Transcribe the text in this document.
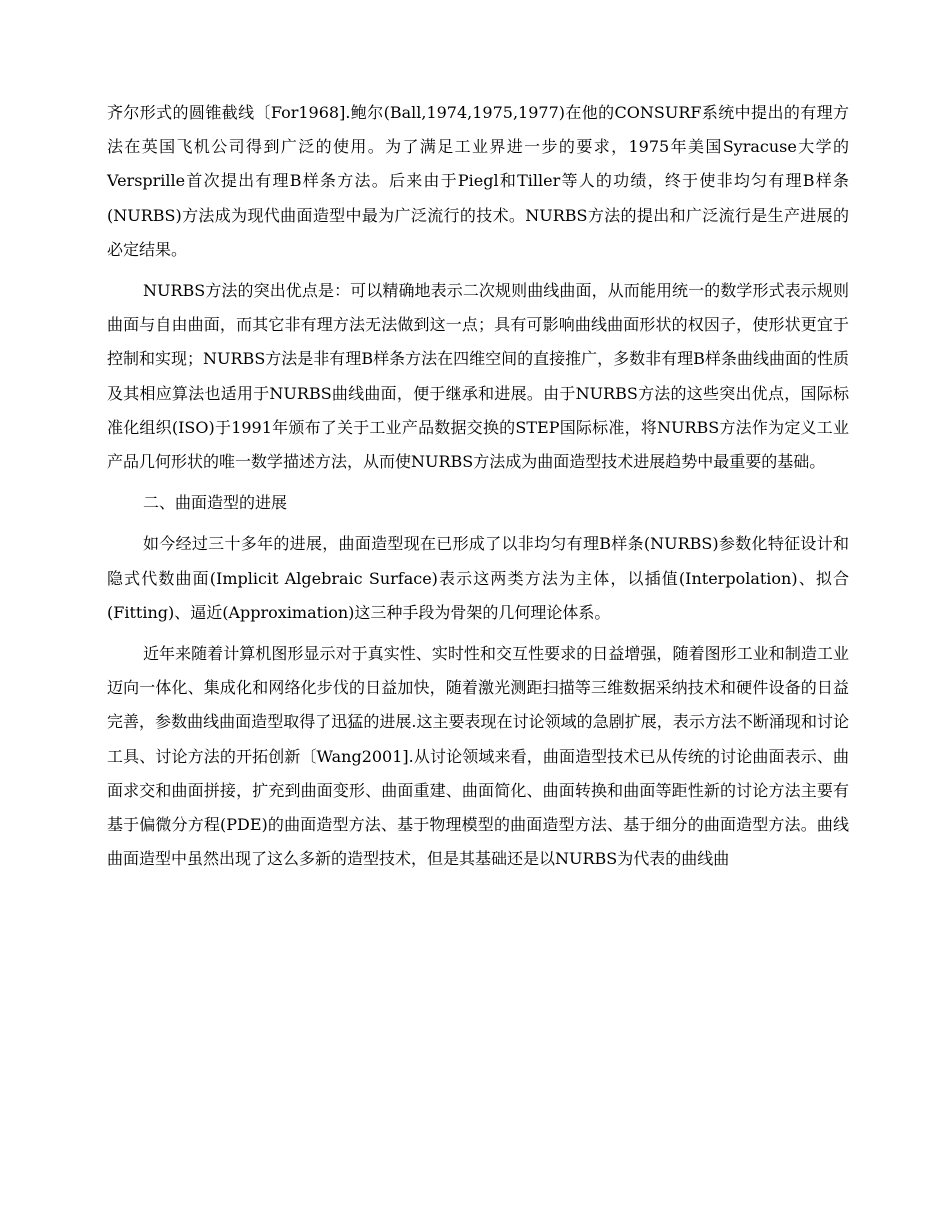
齐尔形式的圆锥截线〔For1968].鲍尔(Ball,1974,1975,1977)在他的CONSURF系统中提出的有理方法在英国飞机公司得到广泛的使用。为了满足工业界进一步的要求，1975年美国Syracuse大学的Versprille首次提出有理B样条方法。后来由于Piegl和Tiller等人的功绩，终于使非均匀有理B样条(NURBS)方法成为现代曲面造型中最为广泛流行的技术。NURBS方法的提出和广泛流行是生产进展的必定结果。

NURBS方法的突出优点是：可以精确地表示二次规则曲线曲面，从而能用统一的数学形式表示规则曲面与自由曲面，而其它非有理方法无法做到这一点；具有可影响曲线曲面形状的权因子，使形状更宜于控制和实现；NURBS方法是非有理B样条方法在四维空间的直接推广，多数非有理B样条曲线曲面的性质及其相应算法也适用于NURBS曲线曲面，便于继承和进展。由于NURBS方法的这些突出优点，国际标准化组织(ISO)于1991年颁布了关于工业产品数据交换的STEP国际标准，将NURBS方法作为定义工业产品几何形状的唯一数学描述方法，从而使NURBS方法成为曲面造型技术进展趋势中最重要的基础。

二、曲面造型的进展

如今经过三十多年的进展，曲面造型现在已形成了以非均匀有理B样条(NURBS)参数化特征设计和隐式代数曲面(Implicit Algebraic Surface)表示这两类方法为主体，以插值(Interpolation)、拟合(Fitting)、逼近(Approximation)这三种手段为骨架的几何理论体系。

近年来随着计算机图形显示对于真实性、实时性和交互性要求的日益增强，随着图形工业和制造工业迈向一体化、集成化和网络化步伐的日益加快，随着激光测距扫描等三维数据采纳技术和硬件设备的日益完善，参数曲线曲面造型取得了迅猛的进展.这主要表现在讨论领域的急剧扩展，表示方法不断涌现和讨论工具、讨论方法的开拓创新〔Wang2001].从讨论领域来看，曲面造型技术已从传统的讨论曲面表示、曲面求交和曲面拼接，扩充到曲面变形、曲面重建、曲面简化、曲面转换和曲面等距性新的讨论方法主要有基于偏微分方程(PDE)的曲面造型方法、基于物理模型的曲面造型方法、基于细分的曲面造型方法。曲线曲面造型中虽然出现了这么多新的造型技术，但是其基础还是以NURBS为代表的曲线曲
